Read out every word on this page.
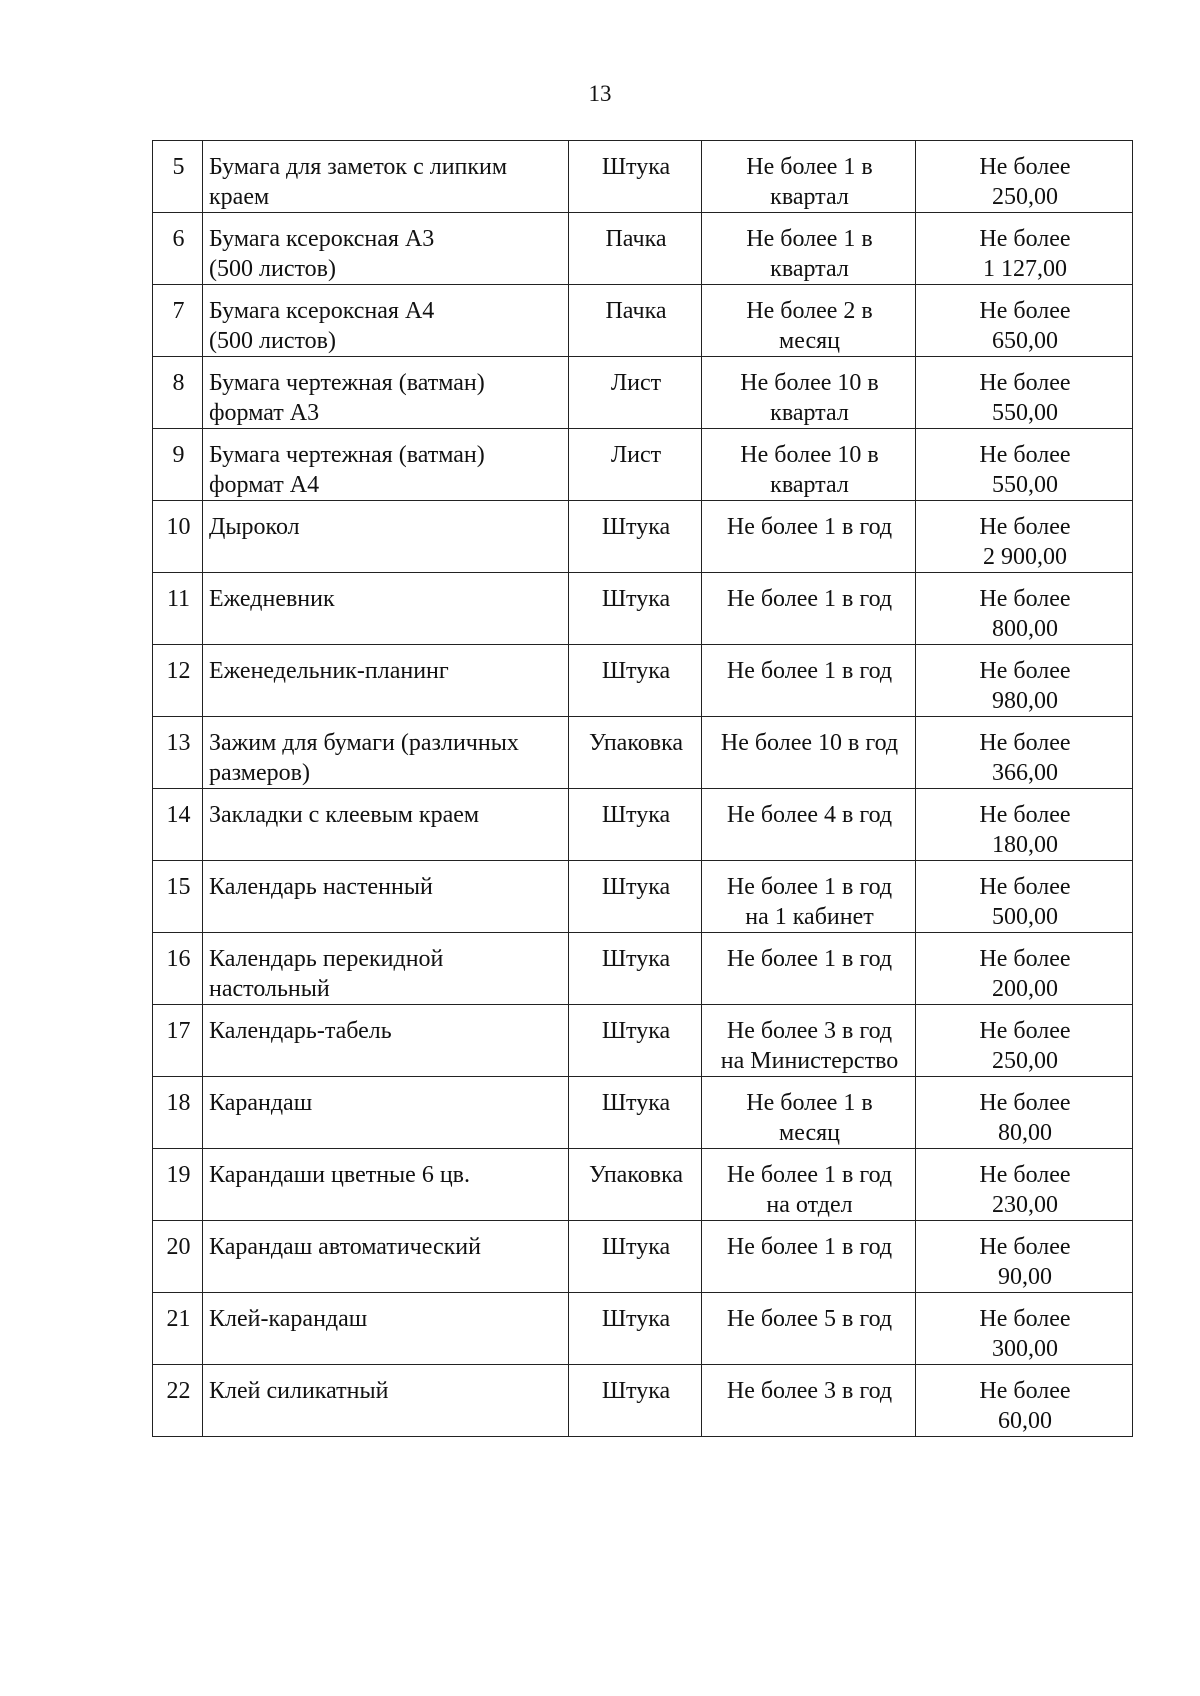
13
5	Бумага для заметок с липким
краем	Штука	Не более 1 в
квартал	Не более
250,00

6	Бумага ксероксная А3
(500 листов)	Пачка	Не более 1 в
квартал	Не более
1 127,00

7	Бумага ксероксная А4
(500 листов)	Пачка	Не более 2 в
месяц	Не более
650,00

8	Бумага чертежная (ватман)
формат А3	Лист	Не более 10 в
квартал	Не более
550,00

9	Бумага чертежная (ватман)
формат А4	Лист	Не более 10 в
квартал	Не более
550,00

10	Дырокол	Штука	Не более 1 в год	Не более
2 900,00

11	Ежедневник	Штука	Не более 1 в год	Не более
800,00

12	Еженедельник-планинг	Штука	Не более 1 в год	Не более
980,00

13	Зажим для бумаги (различных
размеров)	Упаковка	Не более 10 в год	Не более
366,00

14	Закладки с клеевым краем	Штука	Не более 4 в год	Не более
180,00

15	Календарь настенный	Штука	Не более 1 в год
на 1 кабинет	Не более
500,00

16	Календарь перекидной
настольный	Штука	Не более 1 в год	Не более
200,00

17	Календарь-табель	Штука	Не более 3 в год
на Министерство	Не более
250,00

18	Карандаш	Штука	Не более 1 в
месяц	Не более
80,00

19	Карандаши цветные 6 цв.	Упаковка	Не более 1 в год
на отдел	Не более
230,00

20	Карандаш автоматический	Штука	Не более 1 в год	Не более
90,00

21	Клей-карандаш	Штука	Не более 5 в год	Не более
300,00

22	Клей силикатный	Штука	Не более 3 в год	Не более
60,00
